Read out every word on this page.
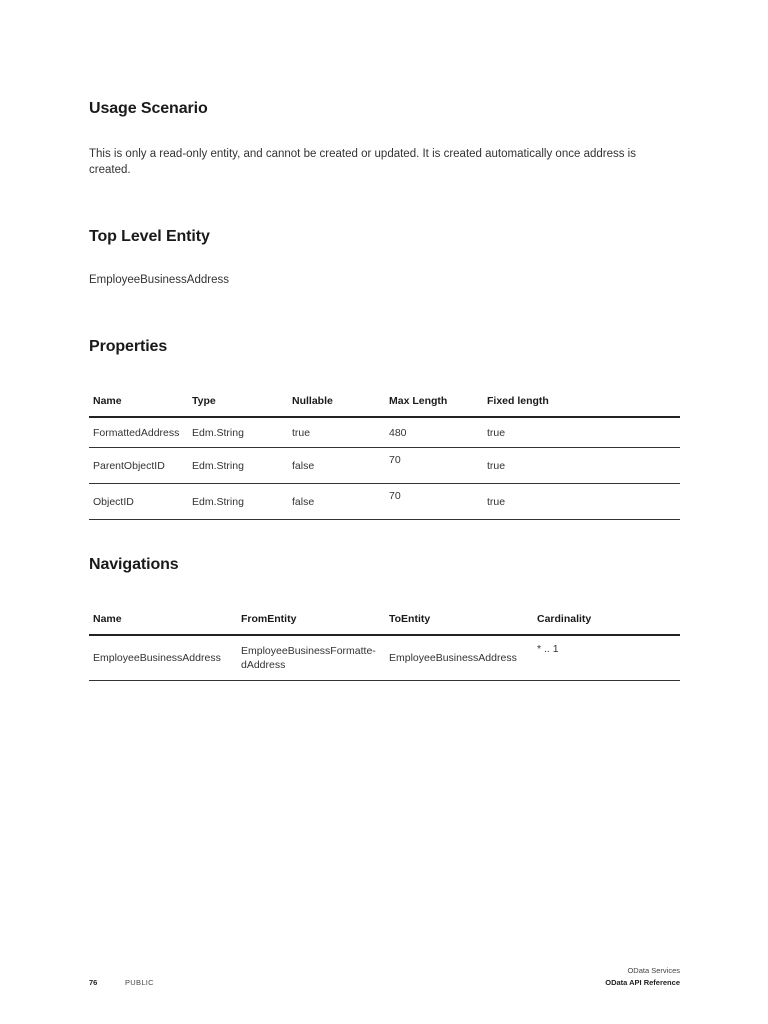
Usage Scenario

This is only a read-only entity, and cannot be created or updated. It is created automatically once address is created.

Top Level Entity

EmployeeBusinessAddress

Properties
Name	Type	Nullable	Max Length	Fixed length
FormattedAddress	Edm.String	true	480	true
ParentObjectID	Edm.String	false	70	true
ObjectID	Edm.String	false	70	true
Navigations
Name	FromEntity	ToEntity	Cardinality
EmployeeBusinessAddress	EmployeeBusinessFormatte-dAddress	EmployeeBusinessAddress	* .. 1
76	PUBLIC
OData Services
OData API Reference
